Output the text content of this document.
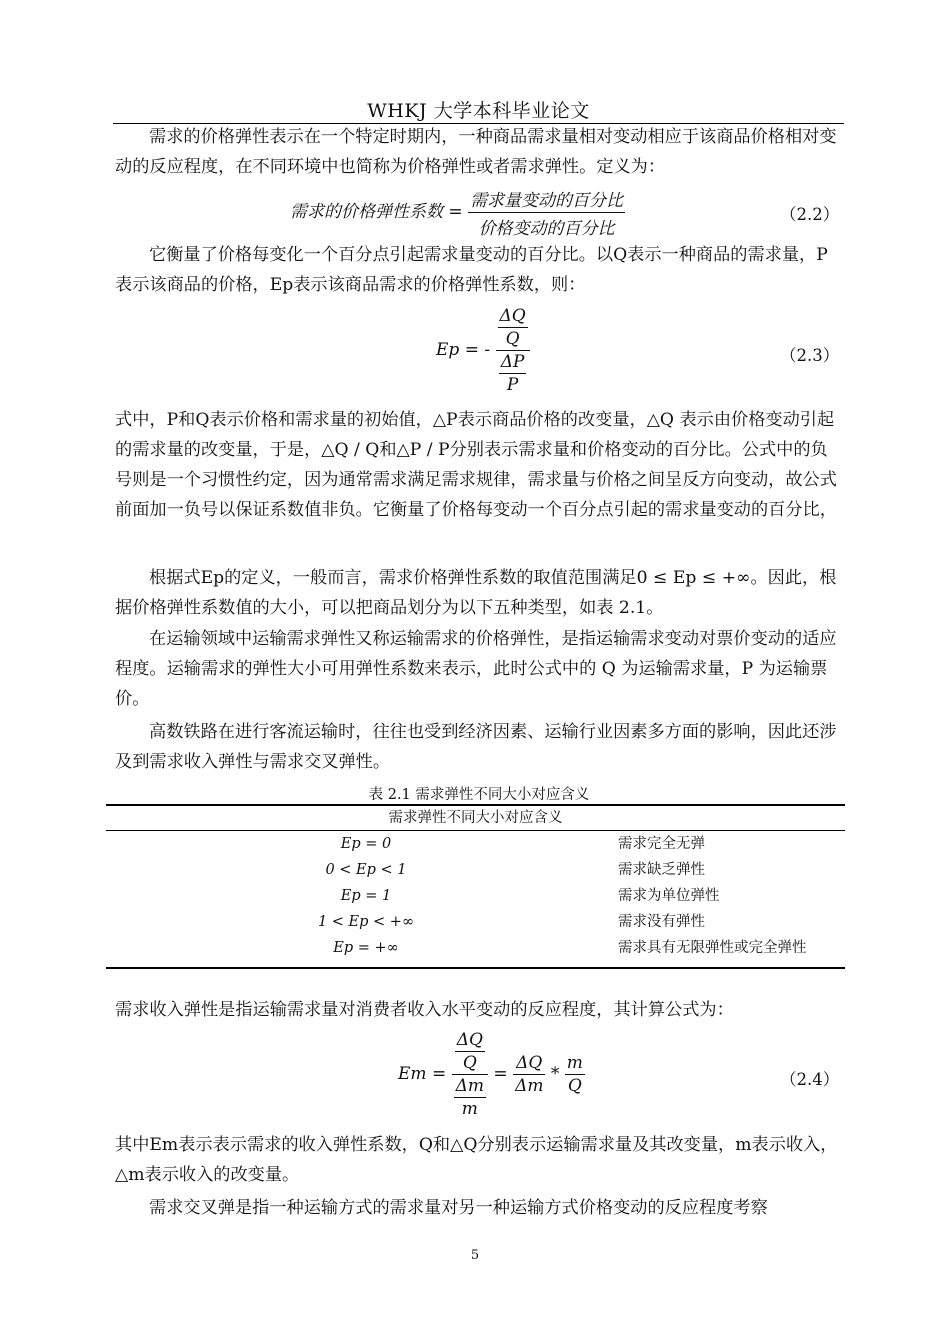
WHKJ 大学本科毕业论文
需求的价格弹性表示在一个特定时期内，一种商品需求量相对变动相应于该商品价格相对变动的反应程度，在不同环境中也简称为价格弹性或者需求弹性。定义为：
需求的价格弹性系数 = $\frac{\text{需求量变动的百分比}}{\text{价格变动的百分比}}$	（2.2）
它衡量了价格每变化一个百分点引起需求量变动的百分比。以Q表示一种商品的需求量，P表示该商品的价格，Ep表示该商品需求的价格弹性系数，则：
Ep = - $\frac{\frac{\Delta Q}{Q}}{\frac{\Delta P}{P}}$	（2.3）
式中，P和Q表示价格和需求量的初始值，△P表示商品价格的改变量，△Q 表示由价格变动引起的需求量的改变量，于是，△Q / Q和△P / P分别表示需求量和价格变动的百分比。公式中的负号则是一个习惯性约定，因为通常需求满足需求规律，需求量与价格之间呈反方向变动，故公式前面加一负号以保证系数值非负。它衡量了价格每变动一个百分点引起的需求量变动的百分比，
根据式Ep的定义，一般而言，需求价格弹性系数的取值范围满足0 ≤ Ep ≤ +∞。因此，根据价格弹性系数值的大小，可以把商品划分为以下五种类型，如表 2.1。
在运输领域中运输需求弹性又称运输需求的价格弹性，是指运输需求变动对票价变动的适应程度。运输需求的弹性大小可用弹性系数来表示，此时公式中的 Q 为运输需求量，P 为运输票价。
高数铁路在进行客流运输时，往往也受到经济因素、运输行业因素多方面的影响，因此还涉及到需求收入弹性与需求交叉弹性。
表 2.1 需求弹性不同大小对应含义
需求弹性不同大小对应含义
Ep = 0	需求完全无弹
0 < Ep < 1	需求缺乏弹性
Ep = 1	需求为单位弹性
1 < Ep < +∞	需求没有弹性
Ep = +∞	需求具有无限弹性或完全弹性
需求收入弹性是指运输需求量对消费者收入水平变动的反应程度，其计算公式为：
$Em = \frac{\frac{\Delta Q}{Q}}{\frac{\Delta m}{m}} = \frac{\Delta Q}{\Delta m} * \frac{m}{Q}$	（2.4）
其中Em表示表示需求的收入弹性系数，Q和△Q分别表示运输需求量及其改变量，m表示收入，△m表示收入的改变量。
需求交叉弹是指一种运输方式的需求量对另一种运输方式价格变动的反应程度考察
5
